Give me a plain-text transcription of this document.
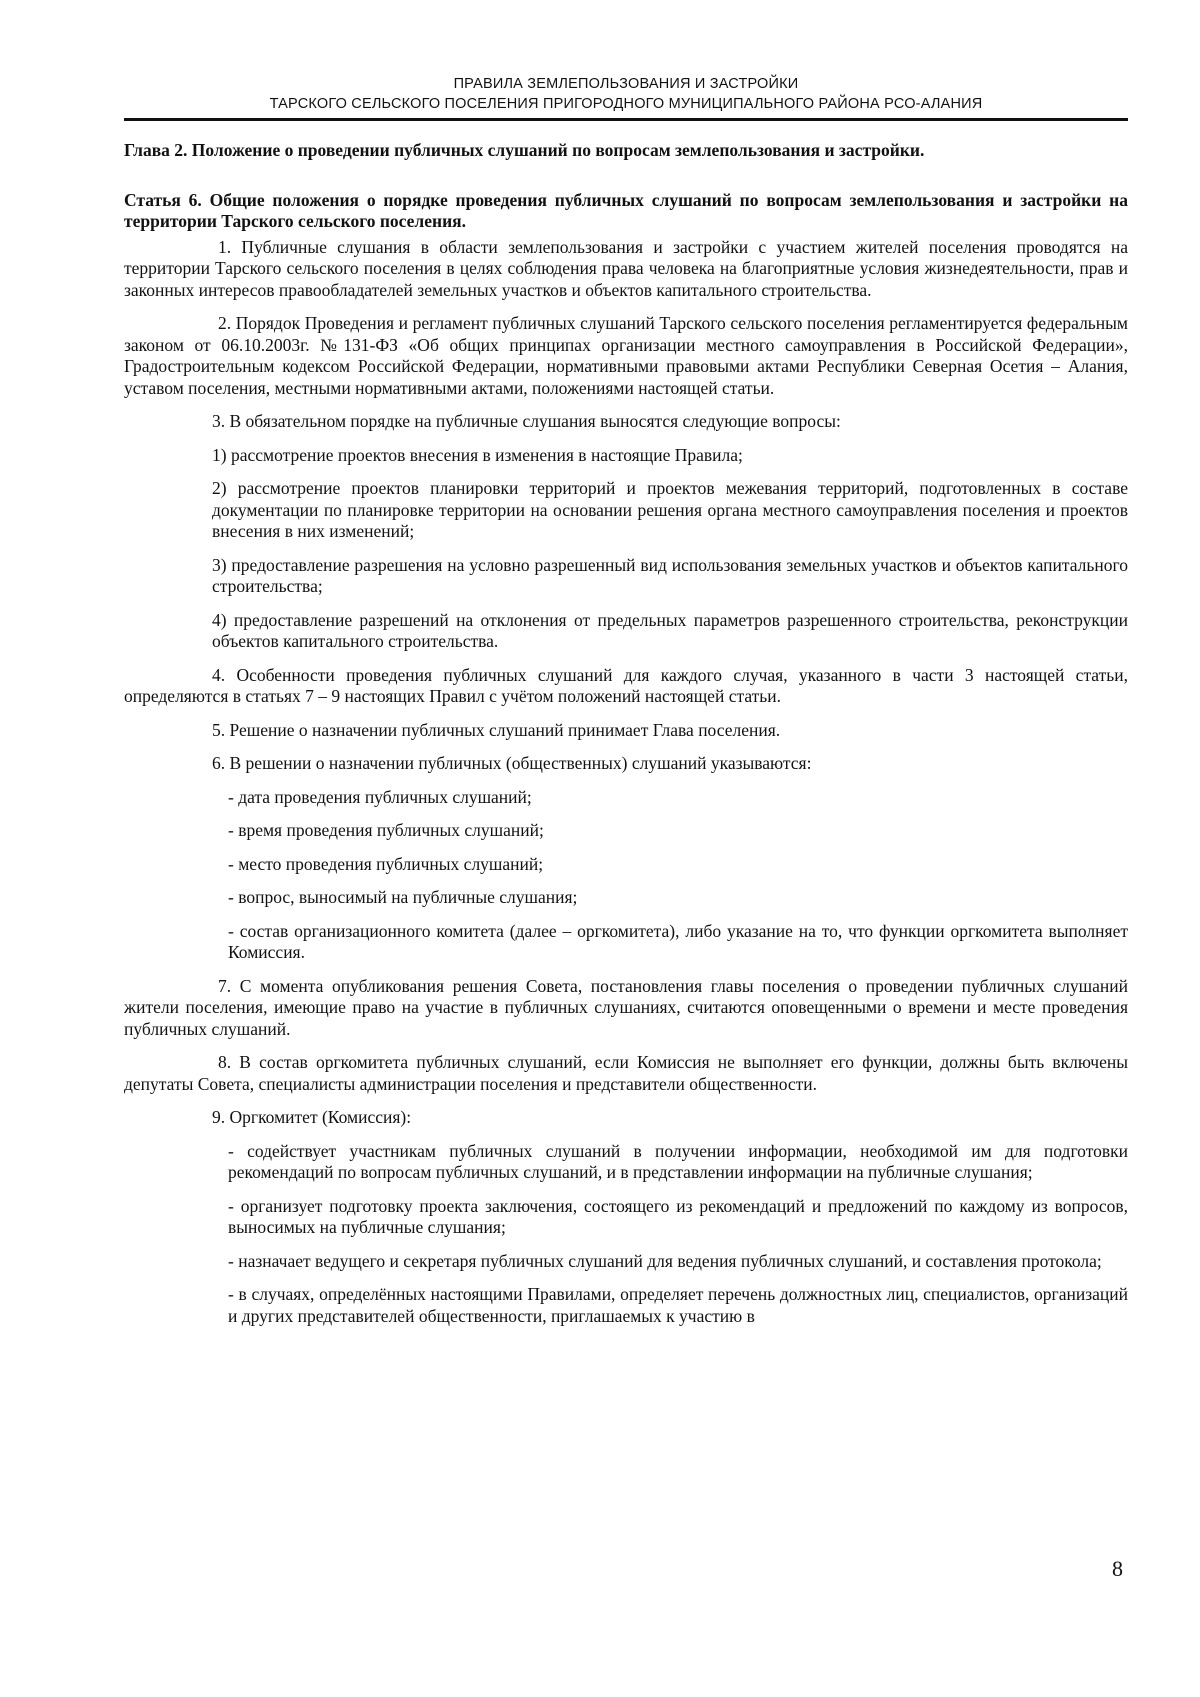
ПРАВИЛА ЗЕМЛЕПОЛЬЗОВАНИЯ И ЗАСТРОЙКИ
ТАРСКОГО СЕЛЬСКОГО ПОСЕЛЕНИЯ ПРИГОРОДНОГО МУНИЦИПАЛЬНОГО РАЙОНА РСО-АЛАНИЯ

Глава 2. Положение о проведении публичных слушаний по вопросам землепользования и застройки.

Статья 6. Общие положения о порядке проведения публичных слушаний по вопросам землепользования и застройки на территории Тарского сельского поселения.

1. Публичные слушания в области землепользования и застройки с участием жителей поселения проводятся на территории Тарского сельского поселения в целях соблюдения права человека на благоприятные условия жизнедеятельности, прав и законных интересов правообладателей земельных участков и объектов капитального строительства.

2. Порядок Проведения и регламент публичных слушаний Тарского сельского поселения регламентируется федеральным законом от 06.10.2003г. №131-ФЗ «Об общих принципах организации местного самоуправления в Российской Федерации», Градостроительным кодексом Российской Федерации, нормативными правовыми актами Республики Северная Осетия – Алания, уставом поселения, местными нормативными актами, положениями настоящей статьи.

3. В обязательном порядке на публичные слушания выносятся следующие вопросы:

1) рассмотрение проектов внесения в изменения в настоящие Правила;

2) рассмотрение проектов планировки территорий и проектов межевания территорий, подготовленных в составе документации по планировке территории на основании решения органа местного самоуправления поселения и проектов внесения в них изменений;

3) предоставление разрешения на условно разрешенный вид использования земельных участков и объектов капитального строительства;

4) предоставление разрешений на отклонения от предельных параметров разрешенного строительства, реконструкции объектов капитального строительства.

4. Особенности проведения публичных слушаний для каждого случая, указанного в части 3 настоящей статьи, определяются в статьях 7 – 9 настоящих Правил с учётом положений настоящей статьи.

5. Решение о назначении публичных слушаний принимает Глава поселения.

6. В решении о назначении публичных (общественных) слушаний указываются:

- дата проведения публичных слушаний;

- время проведения публичных слушаний;

- место проведения публичных слушаний;

- вопрос, выносимый на публичные слушания;

- состав организационного комитета (далее – оргкомитета), либо указание на то, что функции оргкомитета выполняет Комиссия.

7. С момента опубликования решения Совета, постановления главы поселения о проведении публичных слушаний жители поселения, имеющие право на участие в публичных слушаниях, считаются оповещенными о времени и месте проведения публичных слушаний.

8. В состав оргкомитета публичных слушаний, если Комиссия не выполняет его функции, должны быть включены депутаты Совета, специалисты администрации поселения и представители общественности.

9. Оргкомитет (Комиссия):

- содействует участникам публичных слушаний в получении информации, необходимой им для подготовки рекомендаций по вопросам публичных слушаний, и в представлении информации на публичные слушания;

- организует подготовку проекта заключения, состоящего из рекомендаций и предложений по каждому из вопросов, выносимых на публичные слушания;

- назначает ведущего и секретаря публичных слушаний для ведения публичных слушаний, и составления протокола;

- в случаях, определённых настоящими Правилами, определяет перечень должностных лиц, специалистов, организаций и других представителей общественности, приглашаемых к участию в

8
